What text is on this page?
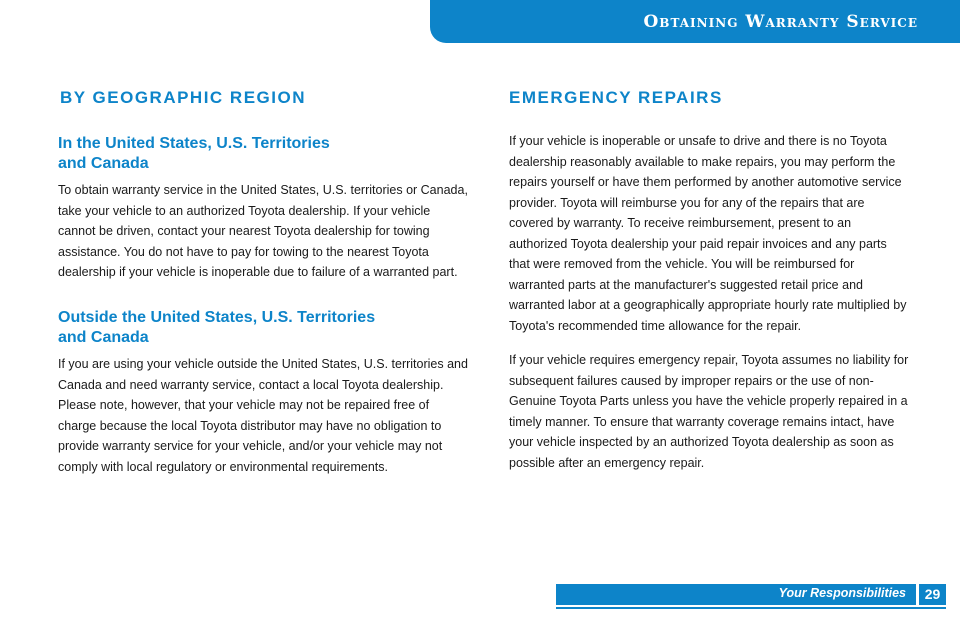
Obtaining Warranty Service
BY GEOGRAPHIC REGION
In the United States, U.S. Territories
and Canada

To obtain warranty service in the United States, U.S. territories or Canada, take your vehicle to an authorized Toyota dealership. If your vehicle cannot be driven, contact your nearest Toyota dealership for towing assistance. You do not have to pay for towing to the nearest Toyota dealership if your vehicle is inoperable due to failure of a warranted part.

Outside the United States, U.S. Territories
and Canada

If you are using your vehicle outside the United States, U.S. territories and Canada and need warranty service, contact a local Toyota dealership. Please note, however, that your vehicle may not be repaired free of charge because the local Toyota distributor may have no obligation to provide warranty service for your vehicle, and/or your vehicle may not comply with local regulatory or environmental requirements.

EMERGENCY REPAIRS

If your vehicle is inoperable or unsafe to drive and there is no Toyota dealership reasonably available to make repairs, you may perform the repairs yourself or have them performed by another automotive service provider. Toyota will reimburse you for any of the repairs that are covered by warranty. To receive reimbursement, present to an authorized Toyota dealership your paid repair invoices and any parts that were removed from the vehicle. You will be reimbursed for warranted parts at the manufacturer's suggested retail price and warranted labor at a geographically appropriate hourly rate multiplied by Toyota's recommended time allowance for the repair.

If your vehicle requires emergency repair, Toyota assumes no liability for subsequent failures caused by improper repairs or the use of non-Genuine Toyota Parts unless you have the vehicle properly repaired in a timely manner. To ensure that warranty coverage remains intact, have your vehicle inspected by an authorized Toyota dealership as soon as possible after an emergency repair.

Your Responsibilities	29
